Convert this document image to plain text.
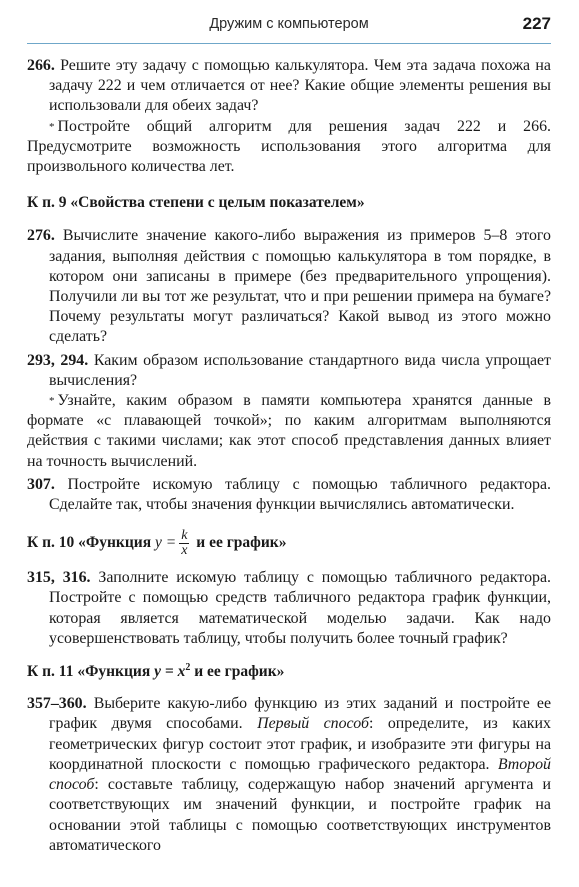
Дружим с компьютером	227

266. Решите эту задачу с помощью калькулятора. Чем эта задача похожа на задачу 222 и чем отличается от нее? Какие общие элементы решения вы использовали для обеих задач?

* Постройте общий алгоритм для решения задач 222 и 266. Предусмотрите возможность использования этого алгоритма для произвольного количества лет.

К п. 9 «Свойства степени с целым показателем»

276. Вычислите значение какого-либо выражения из примеров 5–8 этого задания, выполняя действия с помощью калькулятора в том порядке, в котором они записаны в примере (без предварительного упрощения). Получили ли вы тот же результат, что и при решении примера на бумаге? Почему результаты могут различаться? Какой вывод из этого можно сделать?

293, 294. Каким образом использование стандартного вида числа упрощает вычисления?

* Узнайте, каким образом в памяти компьютера хранятся данные в формате «с плавающей точкой»; по каким алгоритмам выполняются действия с такими числами; как этот способ представления данных влияет на точность вычислений.

307. Постройте искомую таблицу с помощью табличного редактора. Сделайте так, чтобы значения функции вычислялись автоматически.

К п. 10 «Функция $y = \frac{k}{x}$ и ее график»

315, 316. Заполните искомую таблицу с помощью табличного редактора. Постройте с помощью средств табличного редактора график функции, которая является математической моделью задачи. Как надо усовершенствовать таблицу, чтобы получить более точный график?

К п. 11 «Функция $y = x^2$ и ее график»

357–360. Выберите какую-либо функцию из этих заданий и постройте ее график двумя способами. Первый способ: определите, из каких геометрических фигур состоит этот график, и изобразите эти фигуры на координатной плоскости с помощью графического редактора. Второй способ: составьте таблицу, содержащую набор значений аргумента и соответствующих им значений функции, и постройте график на основании этой таблицы с помощью соответствующих инструментов автоматического
